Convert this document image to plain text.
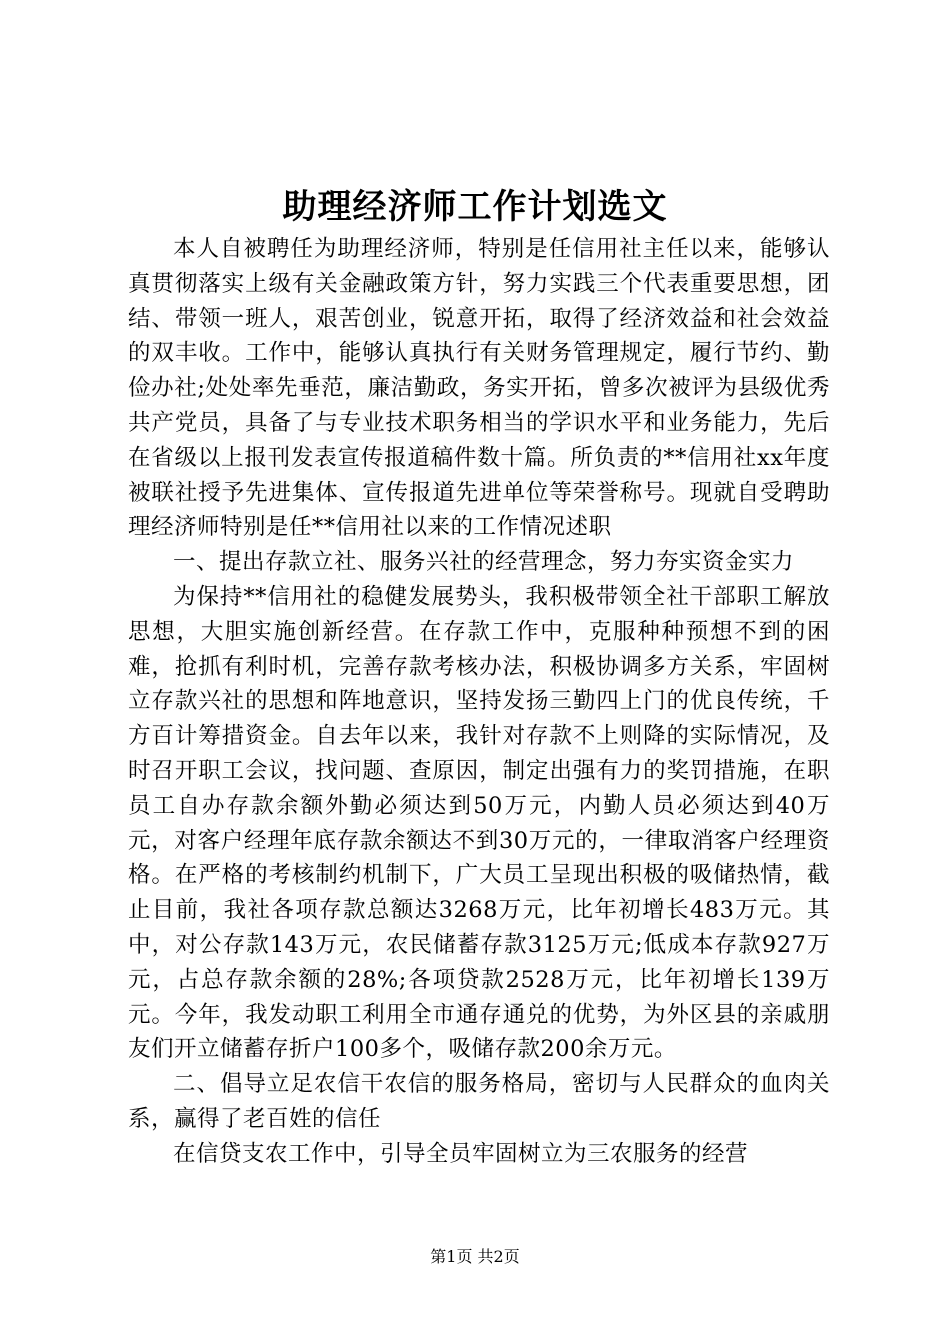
助理经济师工作计划选文

本人自被聘任为助理经济师，特别是任信用社主任以来，能够认真贯彻落实上级有关金融政策方针，努力实践三个代表重要思想，团结、带领一班人，艰苦创业，锐意开拓，取得了经济效益和社会效益的双丰收。工作中，能够认真执行有关财务管理规定，履行节约、勤俭办社;处处率先垂范，廉洁勤政，务实开拓，曾多次被评为县级优秀共产党员，具备了与专业技术职务相当的学识水平和业务能力，先后在省级以上报刊发表宣传报道稿件数十篇。所负责的**信用社xx年度被联社授予先进集体、宣传报道先进单位等荣誉称号。现就自受聘助理经济师特别是任**信用社以来的工作情况述职

一、提出存款立社、服务兴社的经营理念，努力夯实资金实力

为保持**信用社的稳健发展势头，我积极带领全社干部职工解放思想，大胆实施创新经营。在存款工作中，克服种种预想不到的困难，抢抓有利时机，完善存款考核办法，积极协调多方关系，牢固树立存款兴社的思想和阵地意识，坚持发扬三勤四上门的优良传统，千方百计筹措资金。自去年以来，我针对存款不上则降的实际情况，及时召开职工会议，找问题、查原因，制定出强有力的奖罚措施，在职员工自办存款余额外勤必须达到50万元，内勤人员必须达到40万元，对客户经理年底存款余额达不到30万元的，一律取消客户经理资格。在严格的考核制约机制下，广大员工呈现出积极的吸储热情，截止目前，我社各项存款总额达3268万元，比年初增长483万元。其中，对公存款143万元，农民储蓄存款3125万元;低成本存款927万元，占总存款余额的28%;各项贷款2528万元，比年初增长139万元。今年，我发动职工利用全市通存通兑的优势，为外区县的亲戚朋友们开立储蓄存折户100多个，吸储存款200余万元。

二、倡导立足农信干农信的服务格局，密切与人民群众的血肉关系，赢得了老百姓的信任

在信贷支农工作中，引导全员牢固树立为三农服务的经营

第1页 共2页
